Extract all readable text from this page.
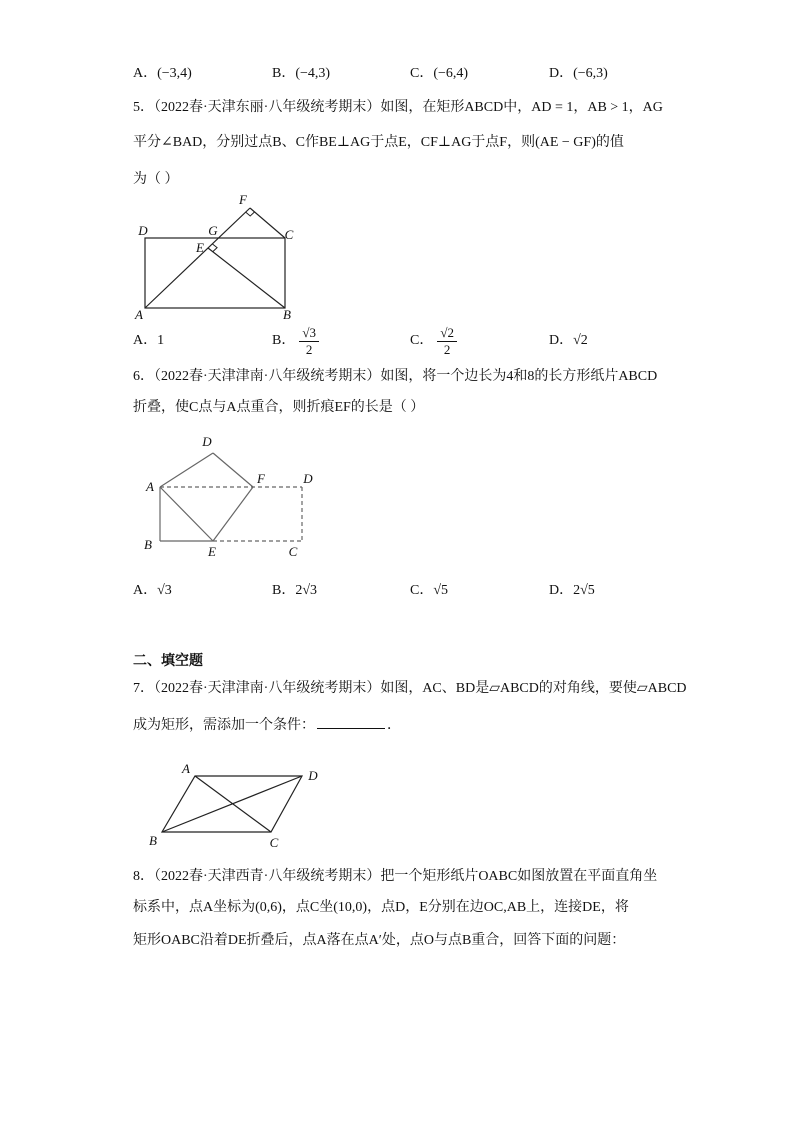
A． (−3,4)	B． (−4,3)	C． (−6,4)	D． (−6,3)
5．（2022春·天津东丽·八年级统考期末）如图，在矩形ABCD中，AD = 1，AB > 1，AG
平分∠BAD，分别过点B、C作BE⊥AG于点E，CF⊥AG于点F，则(AE − GF)的值
为（ ）
D	G	C
E
F
A	B
A． 1	B． $\frac{√3}{2}$	C． $\frac{√2}{2}$	D． √2
6．（2022春·天津津南·八年级统考期末）如图，将一个边长为4和8的长方形纸片ABCD
折叠，使C点与A点重合，则折痕EF的长是（ ）
D
A
F	D
B	E	C
A． √3	B． 2√3	C． √5	D． 2√5
二、填空题
7．（2022春·天津津南·八年级统考期末）如图，AC、BD是▱ABCD的对角线，要使▱ABCD
成为矩形，需添加一个条件：	．
A	D
B	C
8．（2022春·天津西青·八年级统考期末）把一个矩形纸片OABC如图放置在平面直角坐
标系中，点A坐标为(0,6)，点C坐(10,0)，点D，E分别在边OC,AB上，连接DE，将
矩形OABC沿着DE折叠后，点A落在点A′处，点O与点B重合，回答下面的问题：
